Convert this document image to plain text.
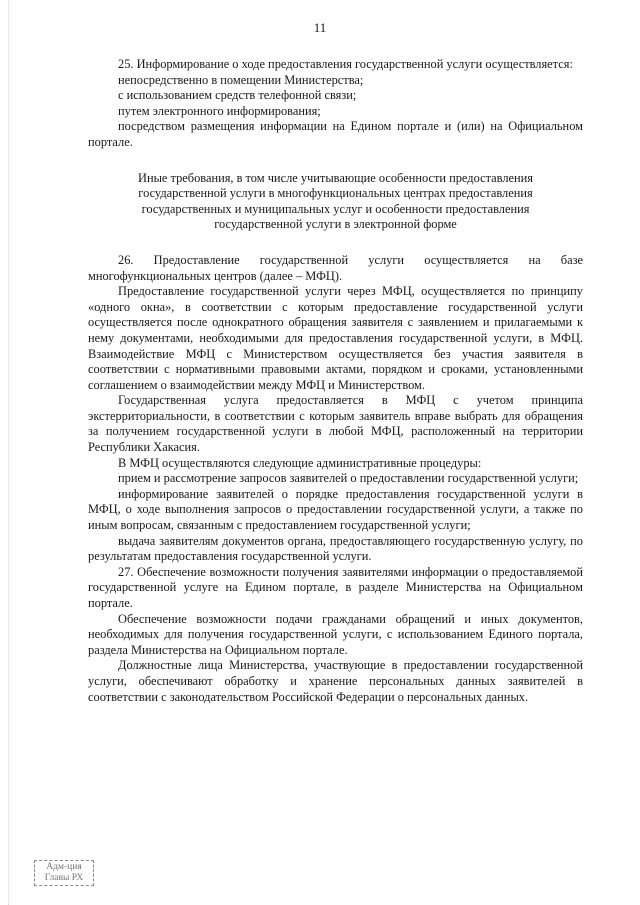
11

25. Информирование о ходе предоставления государственной услуги осуществляется:

непосредственно в помещении Министерства;

с использованием средств телефонной связи;

путем электронного информирования;

посредством размещения информации на Едином портале и (или) на Официальном портале.

Иные требования, в том числе учитывающие особенности предоставления государственной услуги в многофункциональных центрах предоставления государственных и муниципальных услуг и особенности предоставления государственной услуги в электронной форме

26. Предоставление государственной услуги осуществляется на базе многофункциональных центров (далее – МФЦ).

Предоставление государственной услуги через МФЦ, осуществляется по принципу «одного окна», в соответствии с которым предоставление государственной услуги осуществляется после однократного обращения заявителя с заявлением и прилагаемыми к нему документами, необходимыми для предоставления государственной услуги, в МФЦ. Взаимодействие МФЦ с Министерством осуществляется без участия заявителя в соответствии с нормативными правовыми актами, порядком и сроками, установленными соглашением о взаимодействии между МФЦ и Министерством.

Государственная услуга предоставляется в МФЦ с учетом принципа экстерриториальности, в соответствии с которым заявитель вправе выбрать для обращения за получением государственной услуги в любой МФЦ, расположенный на территории Республики Хакасия.

В МФЦ осуществляются следующие административные процедуры:

прием и рассмотрение запросов заявителей о предоставлении государственной услуги;

информирование заявителей о порядке предоставления государственной услуги в МФЦ, о ходе выполнения запросов о предоставлении государственной услуги, а также по иным вопросам, связанным с предоставлением государственной услуги;

выдача заявителям документов органа, предоставляющего государственную услугу, по результатам предоставления государственной услуги.

27. Обеспечение возможности получения заявителями информации о предоставляемой государственной услуге на Едином портале, в разделе Министерства на Официальном портале.

Обеспечение возможности подачи гражданами обращений и иных документов, необходимых для получения государственной услуги, с использованием Единого портала, раздела Министерства на Официальном портале.

Должностные лица Министерства, участвующие в предоставлении государственной услуги, обеспечивают обработку и хранение персональных данных заявителей в соответствии с законодательством Российской Федерации о персональных данных.

Адм-ция
Главы РХ
